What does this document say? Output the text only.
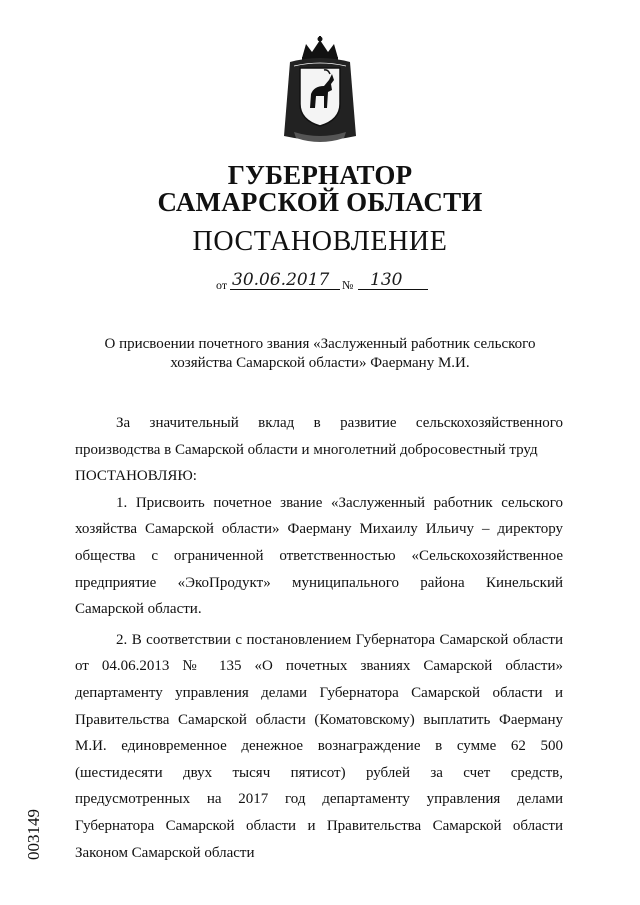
ГУБЕРНАТОР
САМАРСКОЙ ОБЛАСТИ
ПОСТАНОВЛЕНИЕ
от 30.06.2017 № 130
О присвоении почетного звания «Заслуженный работник сельского
хозяйства Самарской области» Фаерману М.И.

За значительный вклад в развитие сельскохозяйственного производства в Самарской области и многолетний добросовестный труд

ПОСТАНОВЛЯЮ:

1. Присвоить почетное звание «Заслуженный работник сельского хозяйства Самарской области» Фаерману Михаилу Ильичу – директору общества с ограниченной ответственностью «Сельскохозяйственное предприятие «ЭкоПродукт» муниципального района Кинельский Самарской области.

2. В соответствии с постановлением Губернатора Самарской области от 04.06.2013 № 135 «О почетных званиях Самарской области» департаменту управления делами Губернатора Самарской области и Правительства Самарской области (Коматовскому) выплатить Фаерману М.И. единовременное денежное вознаграждение в сумме 62 500 (шестидесяти двух тысяч пятисот) рублей за счет средств, предусмотренных на 2017 год департаменту управления делами Губернатора Самарской области и Правительства Самарской области Законом Самарской области

003149
